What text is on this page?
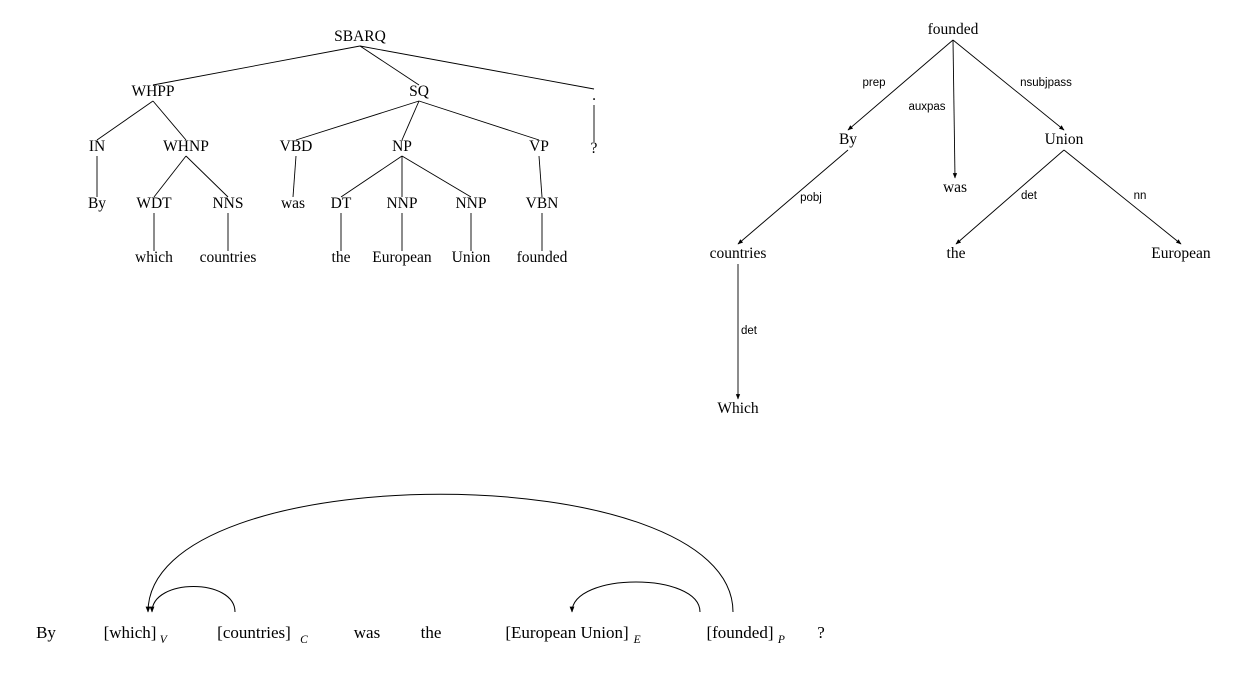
SBARQ
WHPP	SQ	.
IN	WHNP	VBD	NP	VP	?
By WDT	NNS was DT NNP NNP	VBN
which countries	the European Union founded
prep
auxpas
nsubjpass
pobj	det	nn
det
founded
By
was
Union
countries	the	European
Which
By	[which] V	[countries] C	was the	[European Union] E	[founded] P ?
